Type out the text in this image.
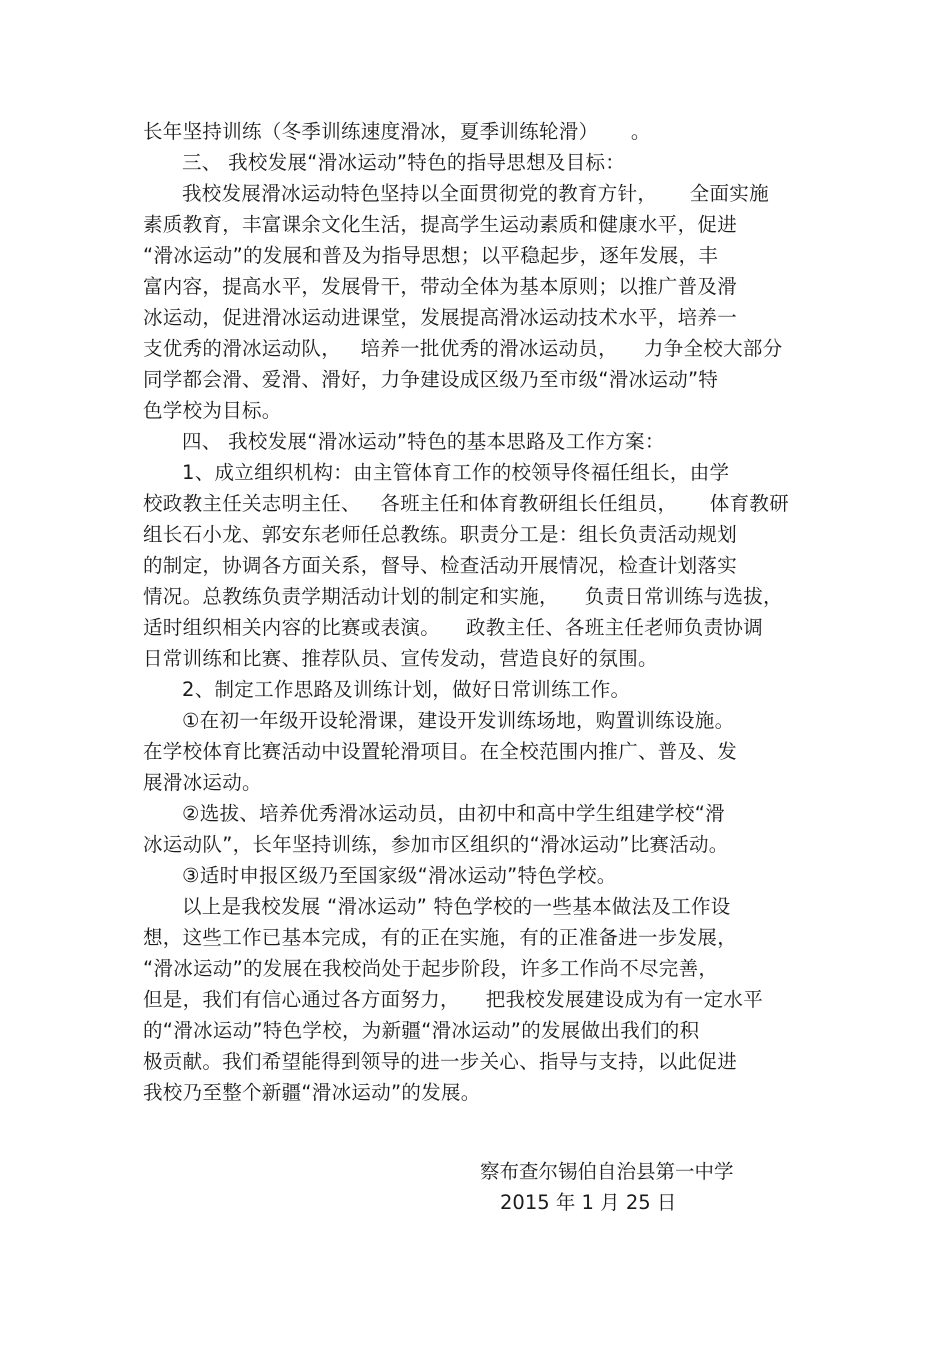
长年坚持训练（冬季训练速度滑冰，夏季训练轮滑）     。
三、 我校发展“滑冰运动”特色的指导思想及目标：
我校发展滑冰运动特色坚持以全面贯彻党的教育方针，     全面实施
素质教育，丰富课余文化生活，提高学生运动素质和健康水平，促进
“滑冰运动”的发展和普及为指导思想；以平稳起步，逐年发展，丰
富内容，提高水平，发展骨干，带动全体为基本原则；以推广普及滑
冰运动，促进滑冰运动进课堂，发展提高滑冰运动技术水平，培养一
支优秀的滑冰运动队，   培养一批优秀的滑冰运动员，    力争全校大部分
同学都会滑、爱滑、滑好，力争建设成区级乃至市级“滑冰运动”特
色学校为目标。
四、 我校发展“滑冰运动”特色的基本思路及工作方案：
1、成立组织机构：由主管体育工作的校领导佟福任组长，由学
校政教主任关志明主任、   各班主任和体育教研组长任组员，     体育教研
组长石小龙、郭安东老师任总教练。职责分工是：组长负责活动规划
的制定，协调各方面关系，督导、检查活动开展情况，检查计划落实
情况。总教练负责学期活动计划的制定和实施，    负责日常训练与选拔，
适时组织相关内容的比赛或表演。    政教主任、各班主任老师负责协调
日常训练和比赛、推荐队员、宣传发动，营造良好的氛围。
2、制定工作思路及训练计划，做好日常训练工作。
①在初一年级开设轮滑课，建设开发训练场地，购置训练设施。
在学校体育比赛活动中设置轮滑项目。在全校范围内推广、普及、发
展滑冰运动。
②选拔、培养优秀滑冰运动员，由初中和高中学生组建学校“滑
冰运动队”，长年坚持训练，参加市区组织的“滑冰运动”比赛活动。
③适时申报区级乃至国家级“滑冰运动”特色学校。
以上是我校发展 “滑冰运动” 特色学校的一些基本做法及工作设
想，这些工作已基本完成，有的正在实施，有的正准备进一步发展，
“滑冰运动”的发展在我校尚处于起步阶段，许多工作尚不尽完善，
但是，我们有信心通过各方面努力，    把我校发展建设成为有一定水平
的“滑冰运动”特色学校，为新疆“滑冰运动”的发展做出我们的积
极贡献。我们希望能得到领导的进一步关心、指导与支持，以此促进
我校乃至整个新疆“滑冰运动”的发展。
察布查尔锡伯自治县第一中学
2015 年 1 月 25 日
